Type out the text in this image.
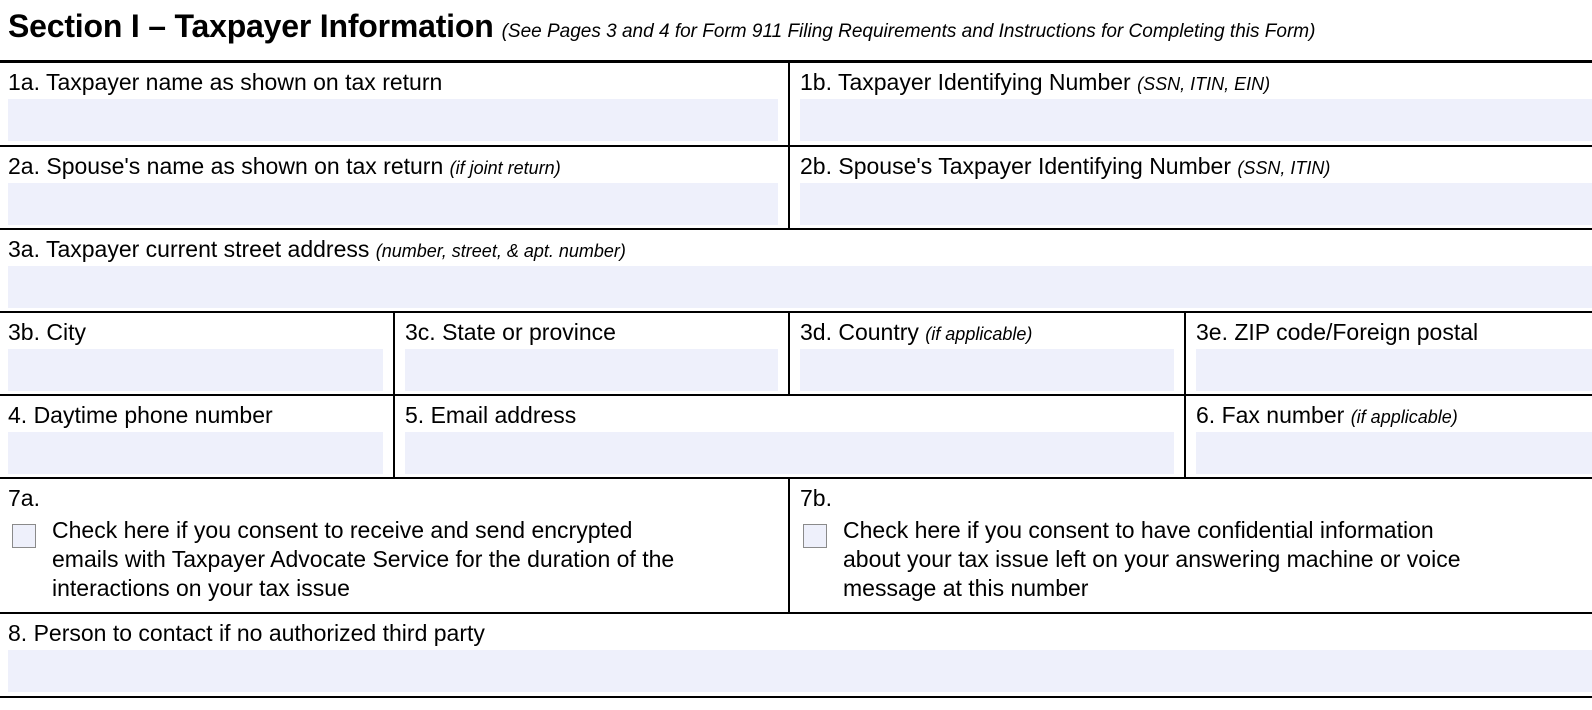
Section I – Taxpayer Information (See Pages 3 and 4 for Form 911 Filing Requirements and Instructions for Completing this Form)
1a. Taxpayer name as shown on tax return	1b. Taxpayer Identifying Number (SSN, ITIN, EIN)
2a. Spouse's name as shown on tax return (if joint return)	2b. Spouse's Taxpayer Identifying Number (SSN, ITIN)
3a. Taxpayer current street address (number, street, & apt. number)
3b. City	3c. State or province	3d. Country (if applicable)	3e. ZIP code/Foreign postal
4. Daytime phone number	5. Email address	6. Fax number (if applicable)
7a.
Check here if you consent to receive and send encrypted
emails with Taxpayer Advocate Service for the duration of the
interactions on your tax issue
7b.
Check here if you consent to have confidential information
about your tax issue left on your answering machine or voice
message at this number
8. Person to contact if no authorized third party
